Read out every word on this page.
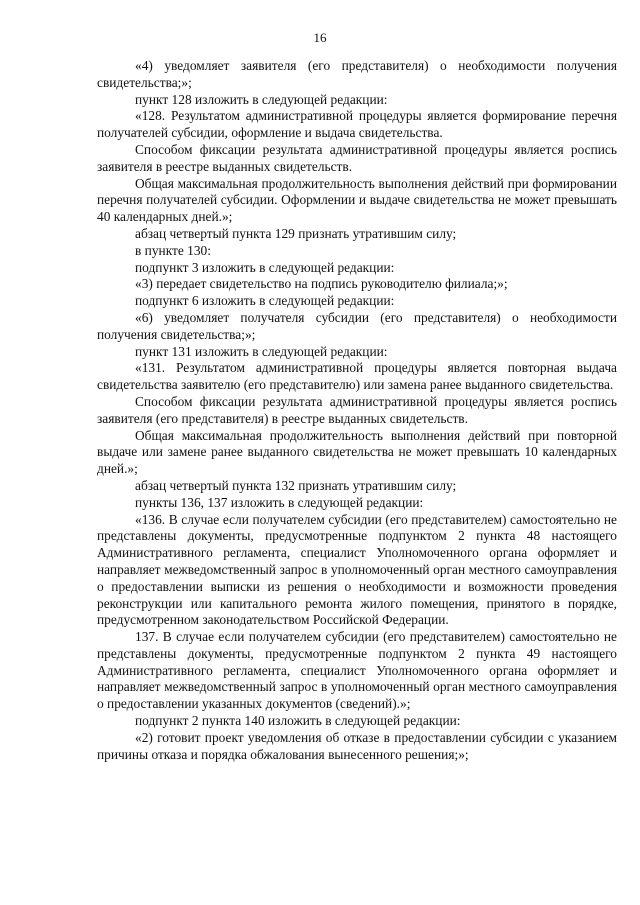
16

«4) уведомляет заявителя (его представителя) о необходимости получения свидетельства;»;

пункт 128 изложить в следующей редакции:

«128. Результатом административной процедуры является формирование перечня получателей субсидии, оформление и выдача свидетельства.

Способом фиксации результата административной процедуры является роспись заявителя в реестре выданных свидетельств.

Общая максимальная продолжительность выполнения действий при формировании перечня получателей субсидии. Оформлении и выдаче свидетельства не может превышать 40 календарных дней.»;

абзац четвертый пункта 129 признать утратившим силу;

в пункте 130:

подпункт 3 изложить в следующей редакции:

«3) передает свидетельство на подпись руководителю филиала;»;

подпункт 6 изложить в следующей редакции:

«6) уведомляет получателя субсидии (его представителя) о необходимости получения свидетельства;»;

пункт 131 изложить в следующей редакции:

«131. Результатом административной процедуры является повторная выдача свидетельства заявителю (его представителю) или замена ранее выданного свидетельства.

Способом фиксации результата административной процедуры является роспись заявителя (его представителя) в реестре выданных свидетельств.

Общая максимальная продолжительность выполнения действий при повторной выдаче или замене ранее выданного свидетельства не может превышать 10 календарных дней.»;

абзац четвертый пункта 132 признать утратившим силу;

пункты 136, 137 изложить в следующей редакции:

«136. В случае если получателем субсидии (его представителем) самостоятельно не представлены документы, предусмотренные подпунктом 2 пункта 48 настоящего Административного регламента, специалист Уполномоченного органа оформляет и направляет межведомственный запрос в уполномоченный орган местного самоуправления о предоставлении выписки из решения о необходимости и возможности проведения реконструкции или капитального ремонта жилого помещения, принятого в порядке, предусмотренном законодательством Российской Федерации.

137. В случае если получателем субсидии (его представителем) самостоятельно не представлены документы, предусмотренные подпунктом 2 пункта 49 настоящего Административного регламента, специалист Уполномоченного органа оформляет и направляет межведомственный запрос в уполномоченный орган местного самоуправления о предоставлении указанных документов (сведений).»;

подпункт 2 пункта 140 изложить в следующей редакции:

«2) готовит проект уведомления об отказе в предоставлении субсидии с указанием причины отказа и порядка обжалования вынесенного решения;»;
